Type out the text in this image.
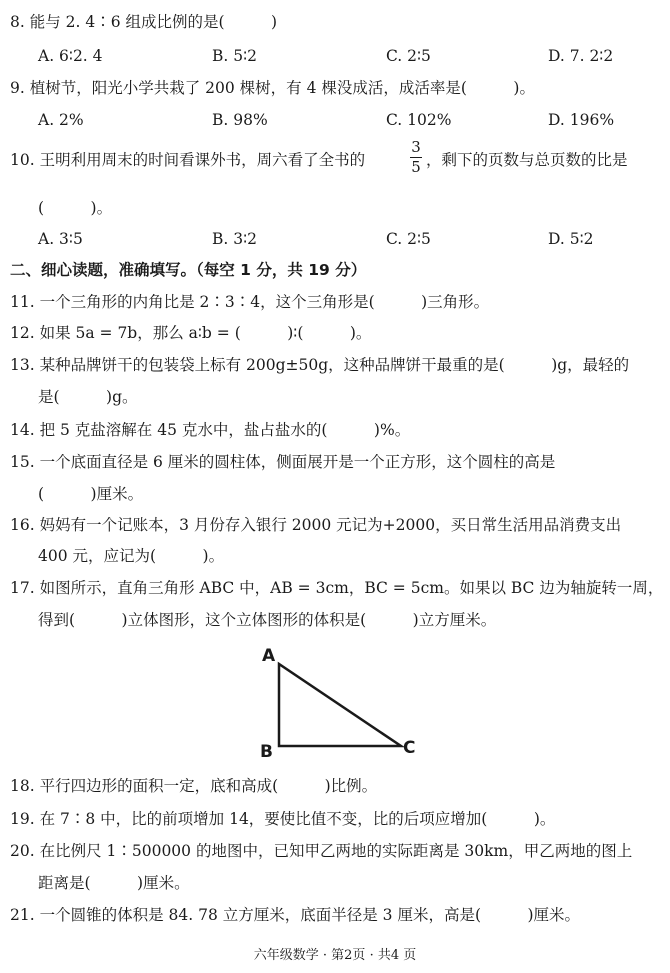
8. 能与 2. 4∶6 组成比例的是(　　　)
A. 6∶2. 4	B. 5∶2	C. 2∶5	D. 7. 2∶2
9. 植树节，阳光小学共栽了 200 棵树，有 4 棵没成活，成活率是(　　　)。
A. 2%	B. 98%	C. 102%	D. 196%
10. 王明利用周末的时间看课外书，周六看了全书的
3
5 ，剩下的页数与总页数的比是
(　　　)。
A. 3∶5	B. 3∶2	C. 2∶5	D. 5∶2
二、细心读题，准确填写。（每空 1 分，共 19 分）
11. 一个三角形的内角比是 2∶3∶4，这个三角形是(　　　)三角形。
12. 如果 5a = 7b，那么 a∶b = (　　　)∶(　　　)。
13. 某种品牌饼干的包装袋上标有 200g±50g，这种品牌饼干最重的是(　　　)g，最轻的
是(　　　)g。
14. 把 5 克盐溶解在 45 克水中，盐占盐水的(　　　)%。
15. 一个底面直径是 6 厘米的圆柱体，侧面展开是一个正方形，这个圆柱的高是
(　　　)厘米。
16. 妈妈有一个记账本，3 月份存入银行 2000 元记为+2000，买日常生活用品消费支出
400 元，应记为(　　　)。
17. 如图所示，直角三角形 ABC 中，AB = 3cm，BC = 5cm。如果以 BC 边为轴旋转一周，
得到(　　　)立体图形，这个立体图形的体积是(　　　)立方厘米。
A
B	C
18. 平行四边形的面积一定，底和高成(　　　)比例。
19. 在 7∶8 中，比的前项增加 14，要使比值不变，比的后项应增加(　　　)。
20. 在比例尺 1∶500000 的地图中，已知甲乙两地的实际距离是 30km，甲乙两地的图上
距离是(　　　)厘米。
21. 一个圆锥的体积是 84. 78 立方厘米，底面半径是 3 厘米，高是(　　　)厘米。
六年级数学 · 第2页 · 共4 页
